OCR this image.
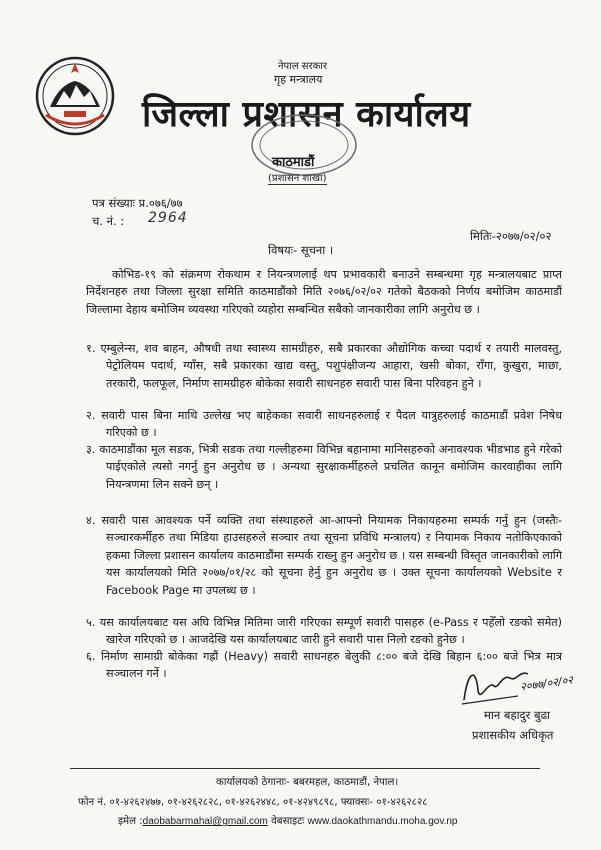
नेपाल सरकार
गृह मन्त्रालय
जिल्ला प्रशासन कार्यालय
काठमाडौं
(प्रशासन शाखा)
पत्र संख्याः प्र.०७६/७७
च. नं. : 2964
मितिः-२०७७/०२/०२
विषयः- सूचना ।
कोभिड-१९ को संक्रमण रोकथाम र नियन्त्रणलाई थप प्रभावकारी बनाउने सम्बन्धमा गृह मन्त्रालयबाट प्राप्त निर्देशनहरु तथा जिल्ला सुरक्षा समिति काठमाडौंको मिति २०७६/०२/०२ गतेको बैठकको निर्णय बमोजिम काठमाडौं जिल्लामा देहाय बमोजिम व्यवस्था गरिएको व्यहोरा सम्बन्धित सबैको जानकारीका लागि अनुरोध छ ।
१. एम्बुलेन्स, शव बाहन, औषधी तथा स्वास्थ्य सामग्रीहरु, सबै प्रकारका औद्योगिक कच्चा पदार्थ र तयारी मालवस्तु, पेट्रोलियम पदार्थ, ग्याँस, सबै प्रकारका खाद्य वस्तु, पशुपंक्षीजन्य आहारा, खसी बोका, राँगा, कुखुरा, माछा, तरकारी, फलफूल, निर्माण सामग्रीहरु बोकेका सवारी साधनहरु सवारी पास बिना परिवहन हुने ।
२. सवारी पास बिना माथि उल्लेख भए बाहेकका सवारी साधनहरुलाई र पैदल यात्रुहरुलाई काठमाडौं प्रवेश निषेध गरिएको छ ।
३. काठमाडौंका मूल सडक, भित्री सडक तथा गल्लीहरुमा विभिन्न बहानामा मानिसहरुको अनावश्यक भीडभाड हुने गरेको पाईएकोले त्यसो नगर्नु हुन अनुरोध छ । अन्यथा सुरक्षाकर्मीहरुले प्रचलित कानून बमोजिम कारवाहीका लागि नियन्त्रणमा लिन सक्ने छन् ।
४. सवारी पास आवश्यक पर्ने व्यक्ति तथा संस्थाहरुले आ-आफ्नो नियामक निकायहरुमा सम्पर्क गर्नु हुन (जस्तैः- सञ्चारकर्मीहरु तथा मिडिया हाउसहरुले सञ्चार तथा सूचना प्रविधि मन्त्रालय) र नियामक निकाय नतोकिएकाको हकमा जिल्ला प्रशासन कार्यालय काठमाडौंमा सम्पर्क राख्नु हुन अनुरोध छ । यस सम्बन्धी विस्तृत जानकारीको लागि यस कार्यालयको मिति २०७७/०१/२८ को सूचना हेर्नु हुन अनुरोध छ । उक्त सूचना कार्यालयको Website र Facebook Page मा उपलब्ध छ ।
५. यस कार्यालयबाट यस अघि विभिन्न मितिमा जारी गरिएका सम्पूर्ण सवारी पासहरु (e-Pass र पहेँलो रङको समेत) खारेज गरिएको छ । आजदेखि यस कार्यालयबाट जारी हुने सवारी पास निलो रङको हुनेछ ।
६. निर्माण सामाग्री बोकेका गह्रौं (Heavy) सवारी साधनहरु बेलुकी ८:०० बजे देखि बिहान ६:०० बजे भित्र मात्र सञ्चालन गर्ने ।	२०७७/०२/०२
मान बहादुर बुढा
प्रशासकीय अधिकृत
कार्यालयको ठेगानाः- बबरमहल, काठमाडौं, नेपाल।
फोन नं. ०१-४२६२४७७, ०१-४२६२८२८, ०१-४२६२४४८, ०१-४२४९८९८, फ्याक्सः- ०१-४२६२८२८
इमेल :daobabarmahal@gmail.com वेबसाइटः www.daokathmandu.moha.gov.np
